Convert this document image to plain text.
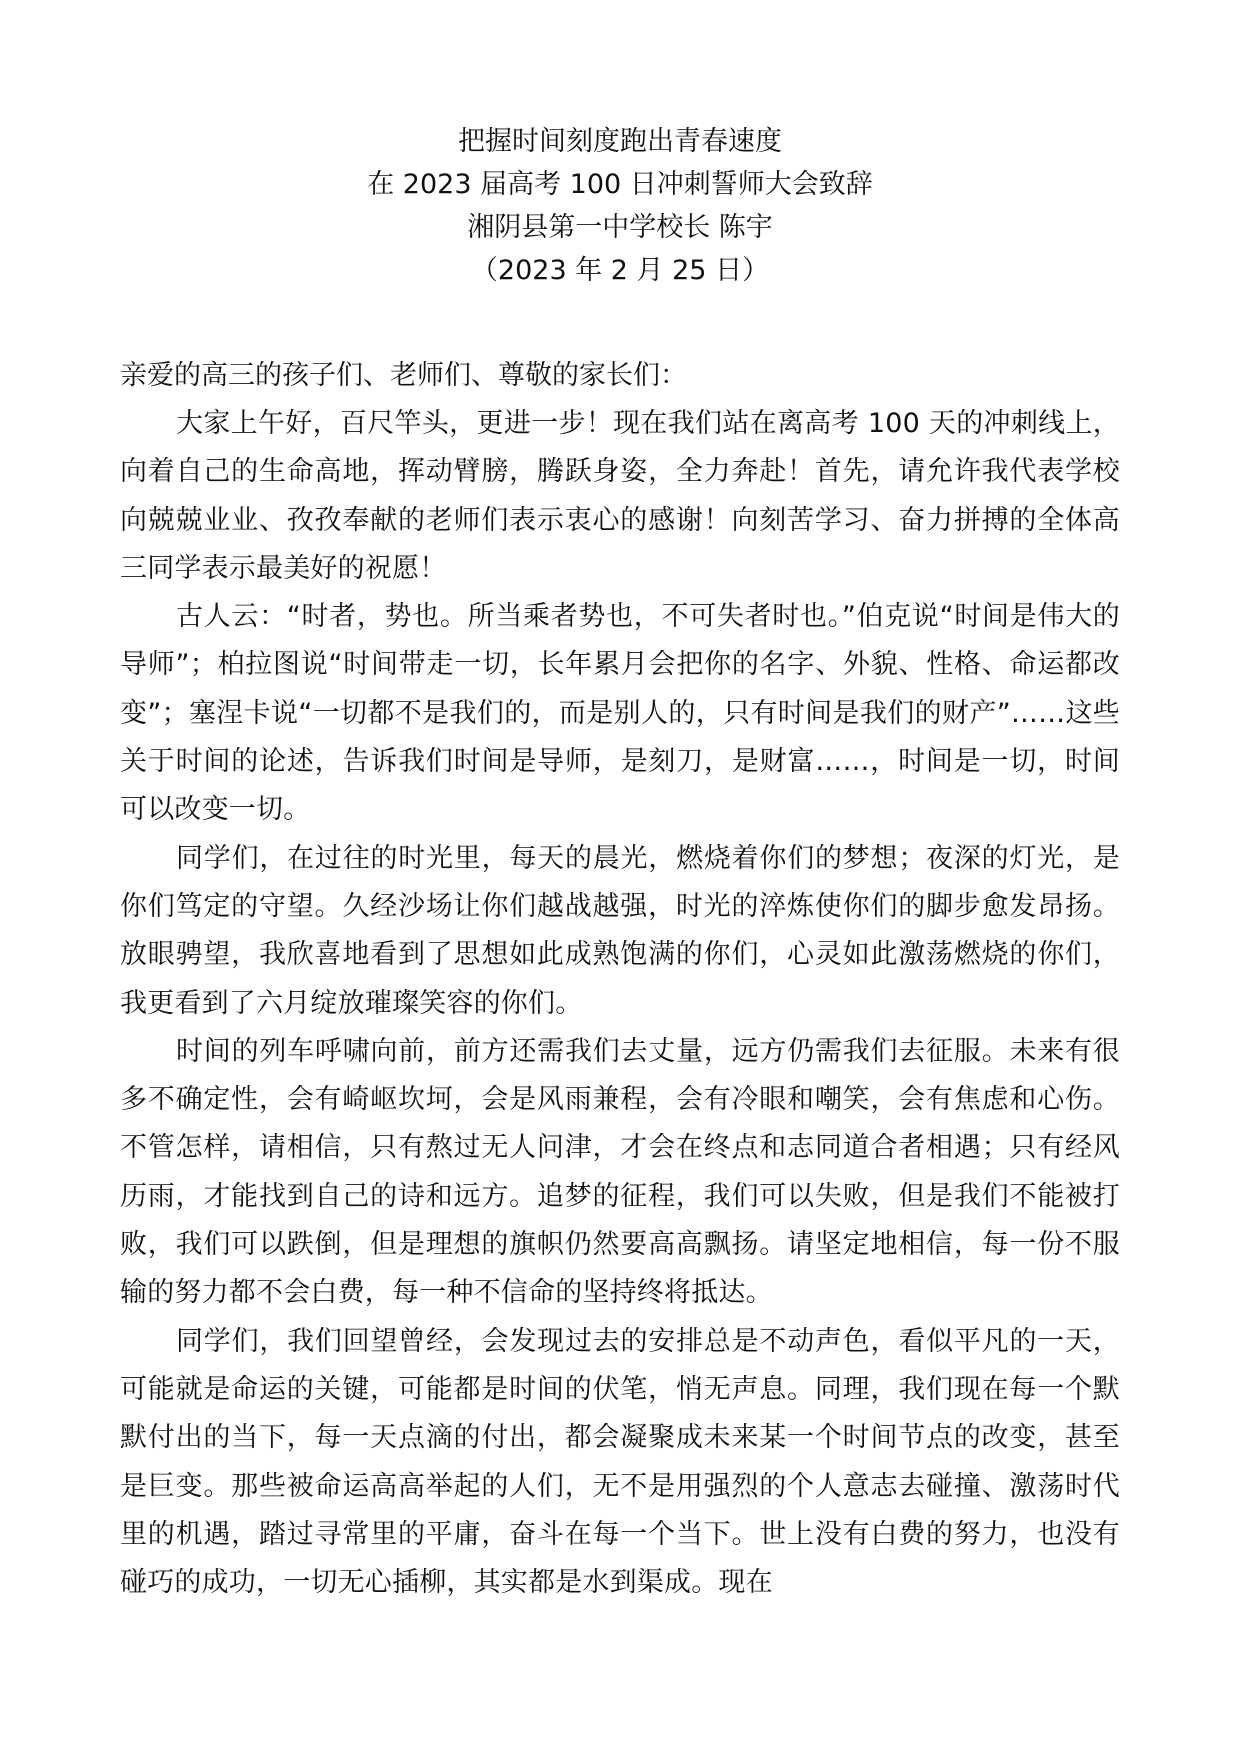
把握时间刻度跑出青春速度
在 2023 届高考 100 日冲刺誓师大会致辞
湘阴县第一中学校长 陈宇
（2023 年 2 月 25 日）
亲爱的高三的孩子们、老师们、尊敬的家长们：

大家上午好，百尺竿头，更进一步！现在我们站在离高考 100 天的冲刺线上，向着自己的生命高地，挥动臂膀，腾跃身姿，全力奔赴！首先，请允许我代表学校向兢兢业业、孜孜奉献的老师们表示衷心的感谢！向刻苦学习、奋力拼搏的全体高三同学表示最美好的祝愿！

古人云：“时者，势也。所当乘者势也，不可失者时也。”伯克说“时间是伟大的导师”；柏拉图说“时间带走一切，长年累月会把你的名字、外貌、性格、命运都改变”；塞涅卡说“一切都不是我们的，而是别人的，只有时间是我们的财产”……这些关于时间的论述，告诉我们时间是导师，是刻刀，是财富……，时间是一切，时间可以改变一切。

同学们，在过往的时光里，每天的晨光，燃烧着你们的梦想；夜深的灯光，是你们笃定的守望。久经沙场让你们越战越强，时光的淬炼使你们的脚步愈发昂扬。放眼骋望，我欣喜地看到了思想如此成熟饱满的你们，心灵如此激荡燃烧的你们，我更看到了六月绽放璀璨笑容的你们。

时间的列车呼啸向前，前方还需我们去丈量，远方仍需我们去征服。未来有很多不确定性，会有崎岖坎坷，会是风雨兼程，会有冷眼和嘲笑，会有焦虑和心伤。不管怎样，请相信，只有熬过无人问津，才会在终点和志同道合者相遇；只有经风历雨，才能找到自己的诗和远方。追梦的征程，我们可以失败，但是我们不能被打败，我们可以跌倒，但是理想的旗帜仍然要高高飘扬。请坚定地相信，每一份不服输的努力都不会白费，每一种不信命的坚持终将抵达。

同学们，我们回望曾经，会发现过去的安排总是不动声色，看似平凡的一天，可能就是命运的关键，可能都是时间的伏笔，悄无声息。同理，我们现在每一个默默付出的当下，每一天点滴的付出，都会凝聚成未来某一个时间节点的改变，甚至是巨变。那些被命运高高举起的人们，无不是用强烈的个人意志去碰撞、激荡时代里的机遇，踏过寻常里的平庸，奋斗在每一个当下。世上没有白费的努力，也没有碰巧的成功，一切无心插柳，其实都是水到渠成。现在
